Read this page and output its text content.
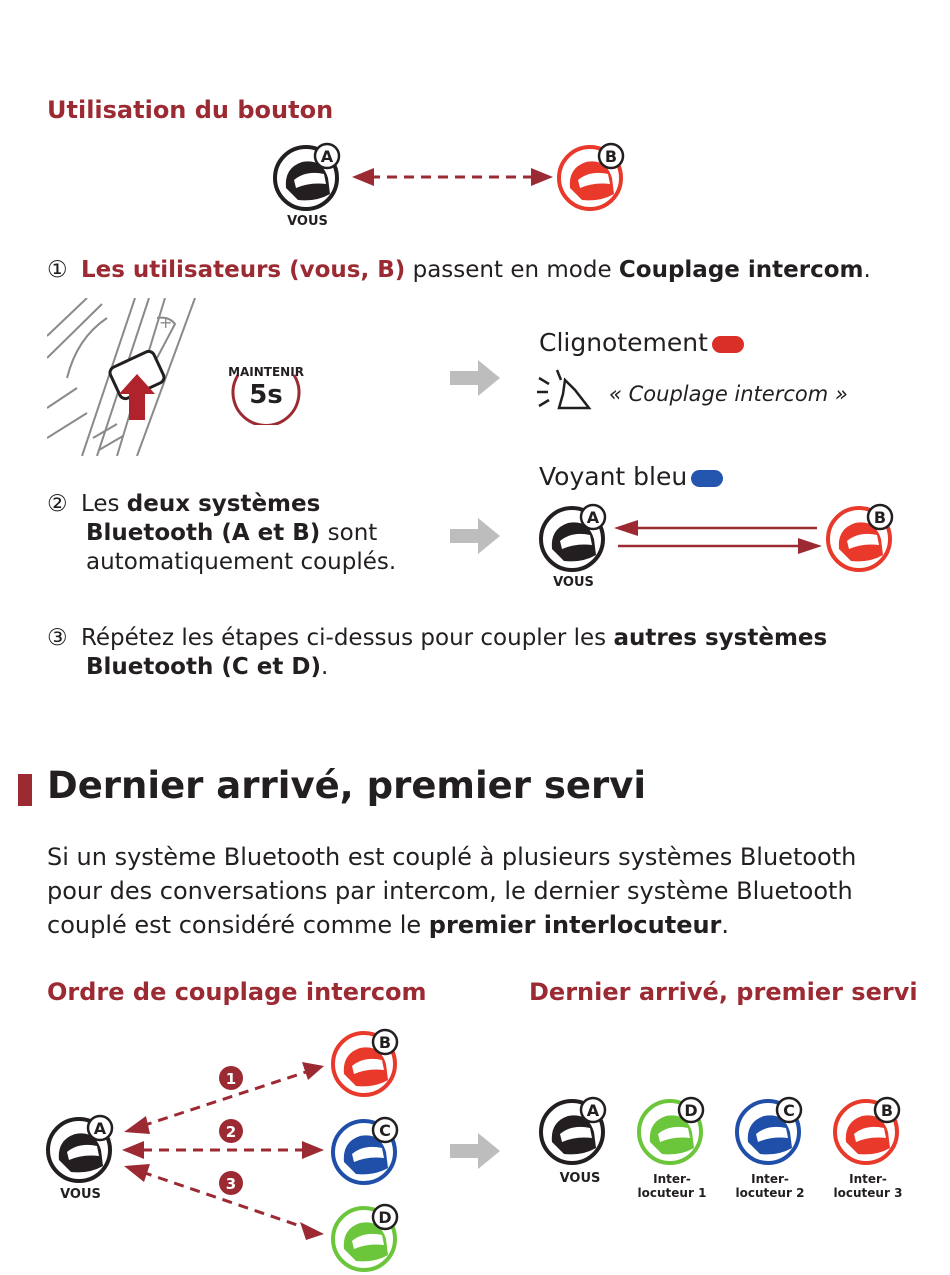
Utilisation du bouton
A
VOUS
B
① Les utilisateurs (vous, B) passent en mode Couplage intercom.
+
MAINTENIR
5s
Clignotement
« Couplage intercom »
Voyant bleu
② Les deux systèmes
Bluetooth (A et B) sont
automatiquement couplés.
A
VOUS
B
③ Répétez les étapes ci-dessus pour coupler les autres systèmes
Bluetooth (C et D).
Dernier arrivé, premier servi
Si un système Bluetooth est couplé à plusieurs systèmes Bluetooth
pour des conversations par intercom, le dernier système Bluetooth
couplé est considéré comme le premier interlocuteur.
Ordre de couplage intercom	Dernier arrivé, premier servi
A
VOUS
1
2
3
B
C
D
A
VOUS
D
Inter-
locuteur 1
C
Inter-
locuteur 2
B
Inter-
locuteur 3
